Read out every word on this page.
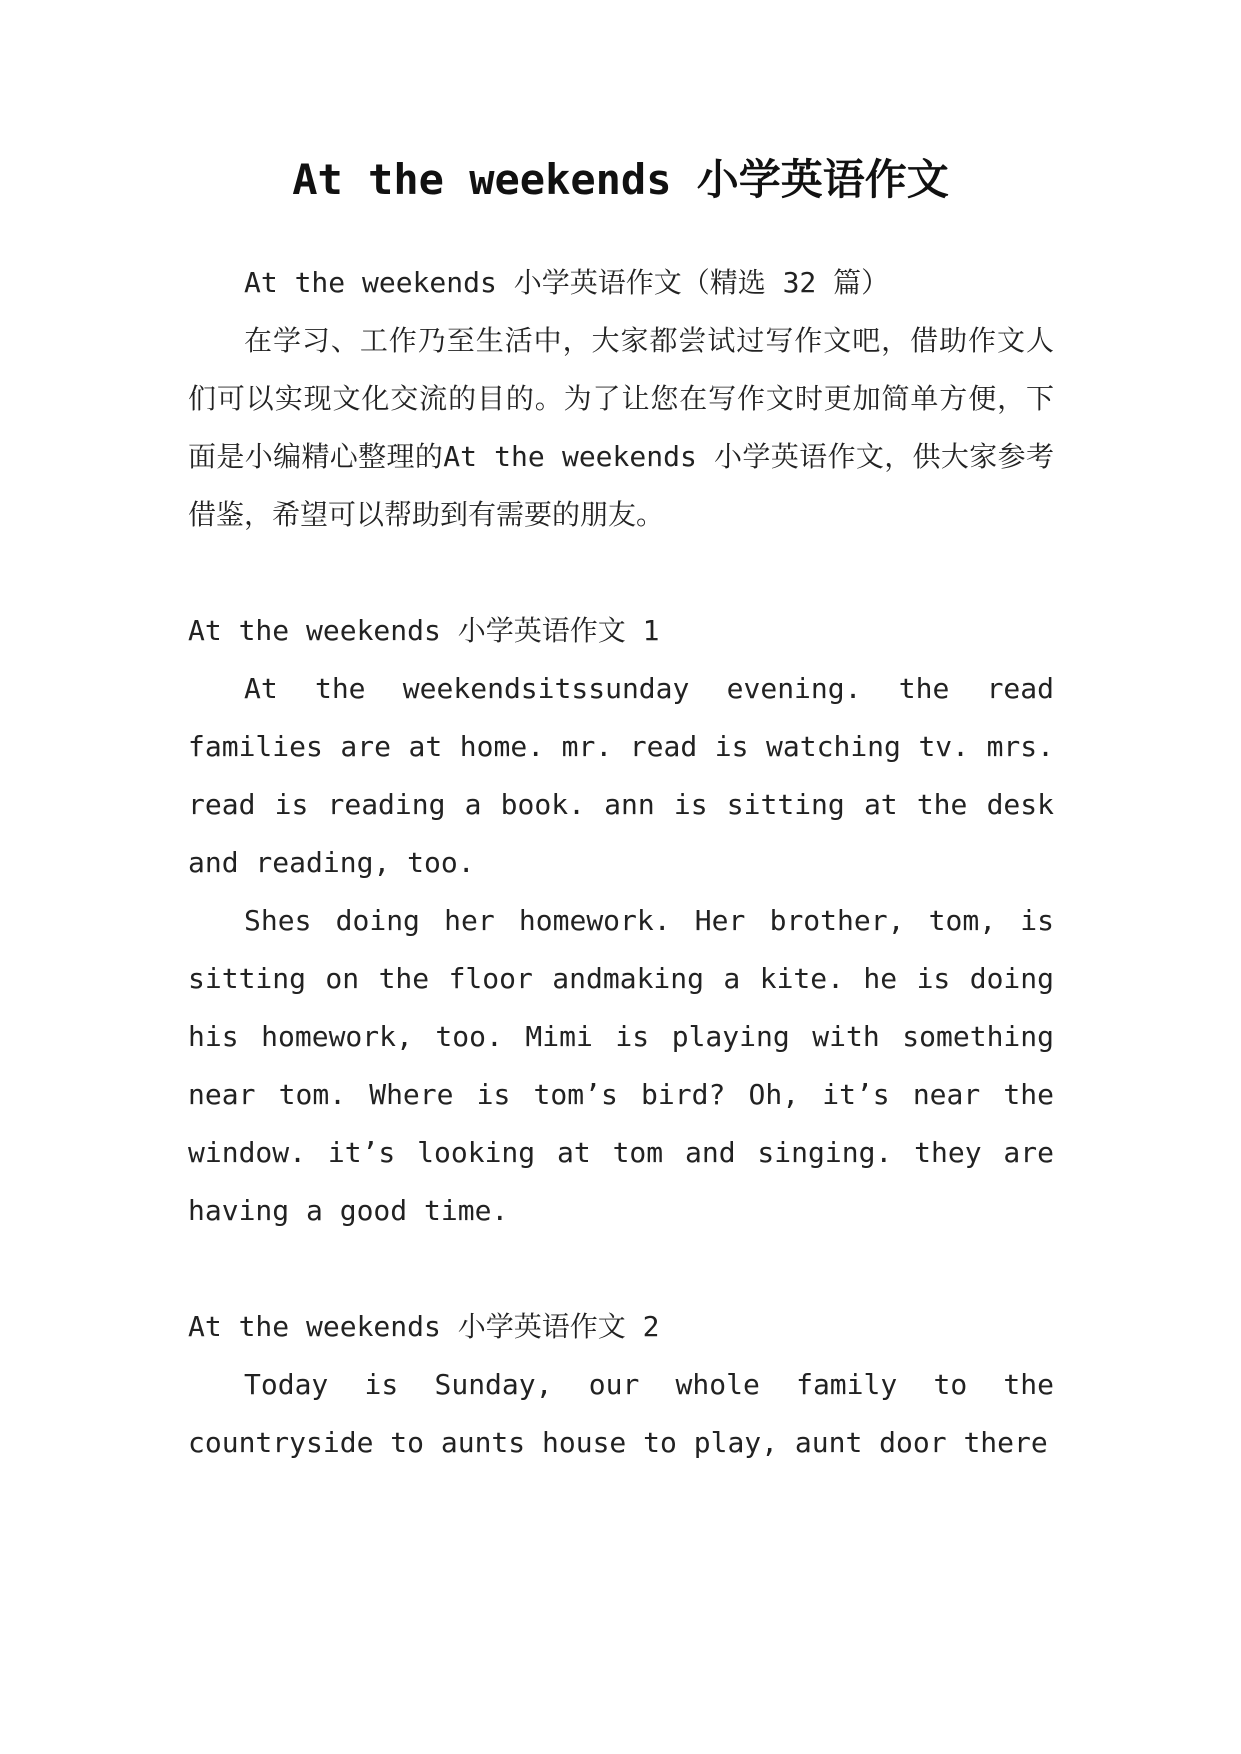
At the weekends 小学英语作文

At the weekends 小学英语作文（精选 32 篇）

在学习、工作乃至生活中，大家都尝试过写作文吧，借助作文人们可以实现文化交流的目的。为了让您在写作文时更加简单方便，下面是小编精心整理的At the weekends 小学英语作文，供大家参考借鉴，希望可以帮助到有需要的朋友。

At the weekends 小学英语作文 1

At the weekendsitssunday evening. the read families are at home. mr. read is watching tv. mrs. read is reading a book. ann is sitting at the desk and reading, too.

Shes doing her homework. Her brother, tom, is sitting on the floor andmaking a kite. he is doing his homework, too. Mimi is playing with something near tom. Where is tom’s bird? Oh, it’s near the window. it’s looking at tom and singing. they are having a good time.

At the weekends 小学英语作文 2

Today is Sunday, our whole family to the countryside to aunts house to play, aunt door there
